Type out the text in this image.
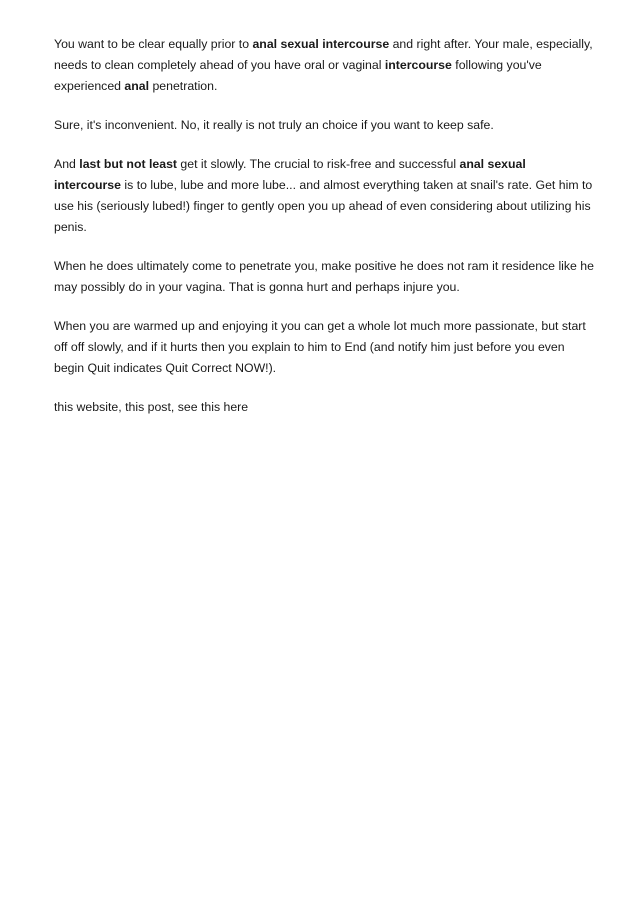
You want to be clear equally prior to anal sexual intercourse and right after. Your male, especially, needs to clean completely ahead of you have oral or vaginal intercourse following you've experienced anal penetration.

Sure, it's inconvenient. No, it really is not truly an choice if you want to keep safe.

And last but not least get it slowly. The crucial to risk-free and successful anal sexual intercourse is to lube, lube and more lube... and almost everything taken at snail's rate. Get him to use his (seriously lubed!) finger to gently open you up ahead of even considering about utilizing his penis.

When he does ultimately come to penetrate you, make positive he does not ram it residence like he may possibly do in your vagina. That is gonna hurt and perhaps injure you.

When you are warmed up and enjoying it you can get a whole lot much more passionate, but start off off slowly, and if it hurts then you explain to him to End (and notify him just before you even begin Quit indicates Quit Correct NOW!).

this website, this post, see this here
